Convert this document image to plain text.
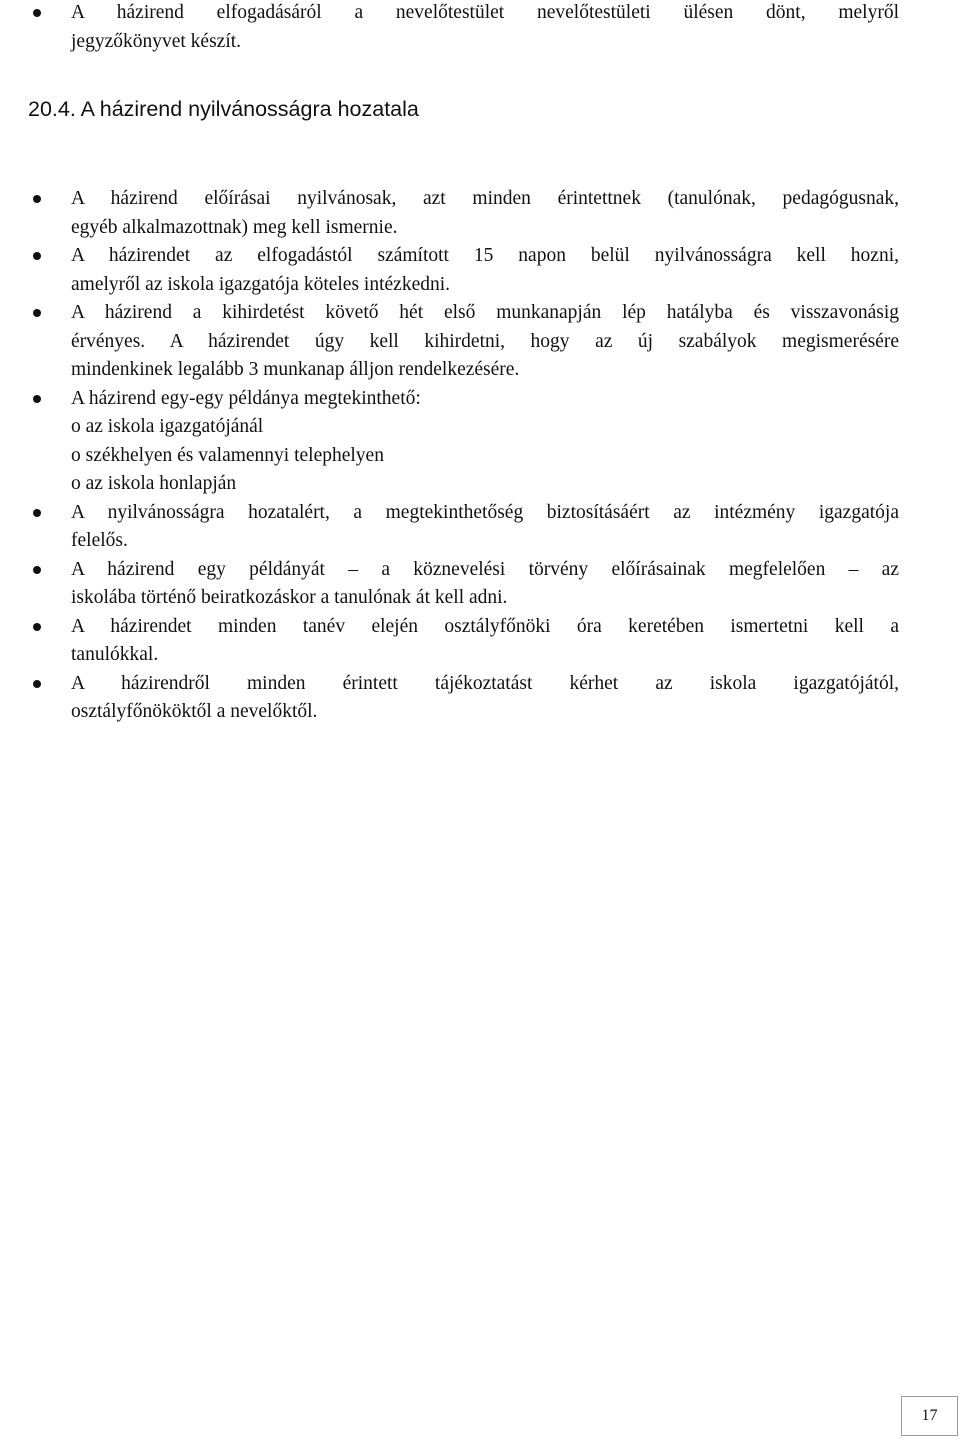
A házirend elfogadásáról a nevelőtestület nevelőtestületi ülésen dönt, melyről
jegyzőkönyvet készít.
20.4. A házirend nyilvánosságra hozatala
A házirend előírásai nyilvánosak, azt minden érintettnek (tanulónak, pedagógusnak,
egyéb alkalmazottnak) meg kell ismernie.
A házirendet az elfogadástól számított 15 napon belül nyilvánosságra kell hozni,
amelyről az iskola igazgatója köteles intézkedni.
A házirend a kihirdetést követő hét első munkanapján lép hatályba és visszavonásig
érvényes. A házirendet úgy kell kihirdetni, hogy az új szabályok megismerésére
mindenkinek legalább 3 munkanap álljon rendelkezésére.
A házirend egy-egy példánya megtekinthető:
o az iskola igazgatójánál
o székhelyen és valamennyi telephelyen
o az iskola honlapján
A nyilvánosságra hozatalért, a megtekinthetőség biztosításáért az intézmény igazgatója
felelős.
A házirend egy példányát – a köznevelési törvény előírásainak megfelelően – az
iskolába történő beiratkozáskor a tanulónak át kell adni.
A házirendet minden tanév elején osztályfőnöki óra keretében ismertetni kell a
tanulókkal.
A házirendről minden érintett tájékoztatást kérhet az iskola igazgatójától,
osztályfőnököktől a nevelőktől.
17
